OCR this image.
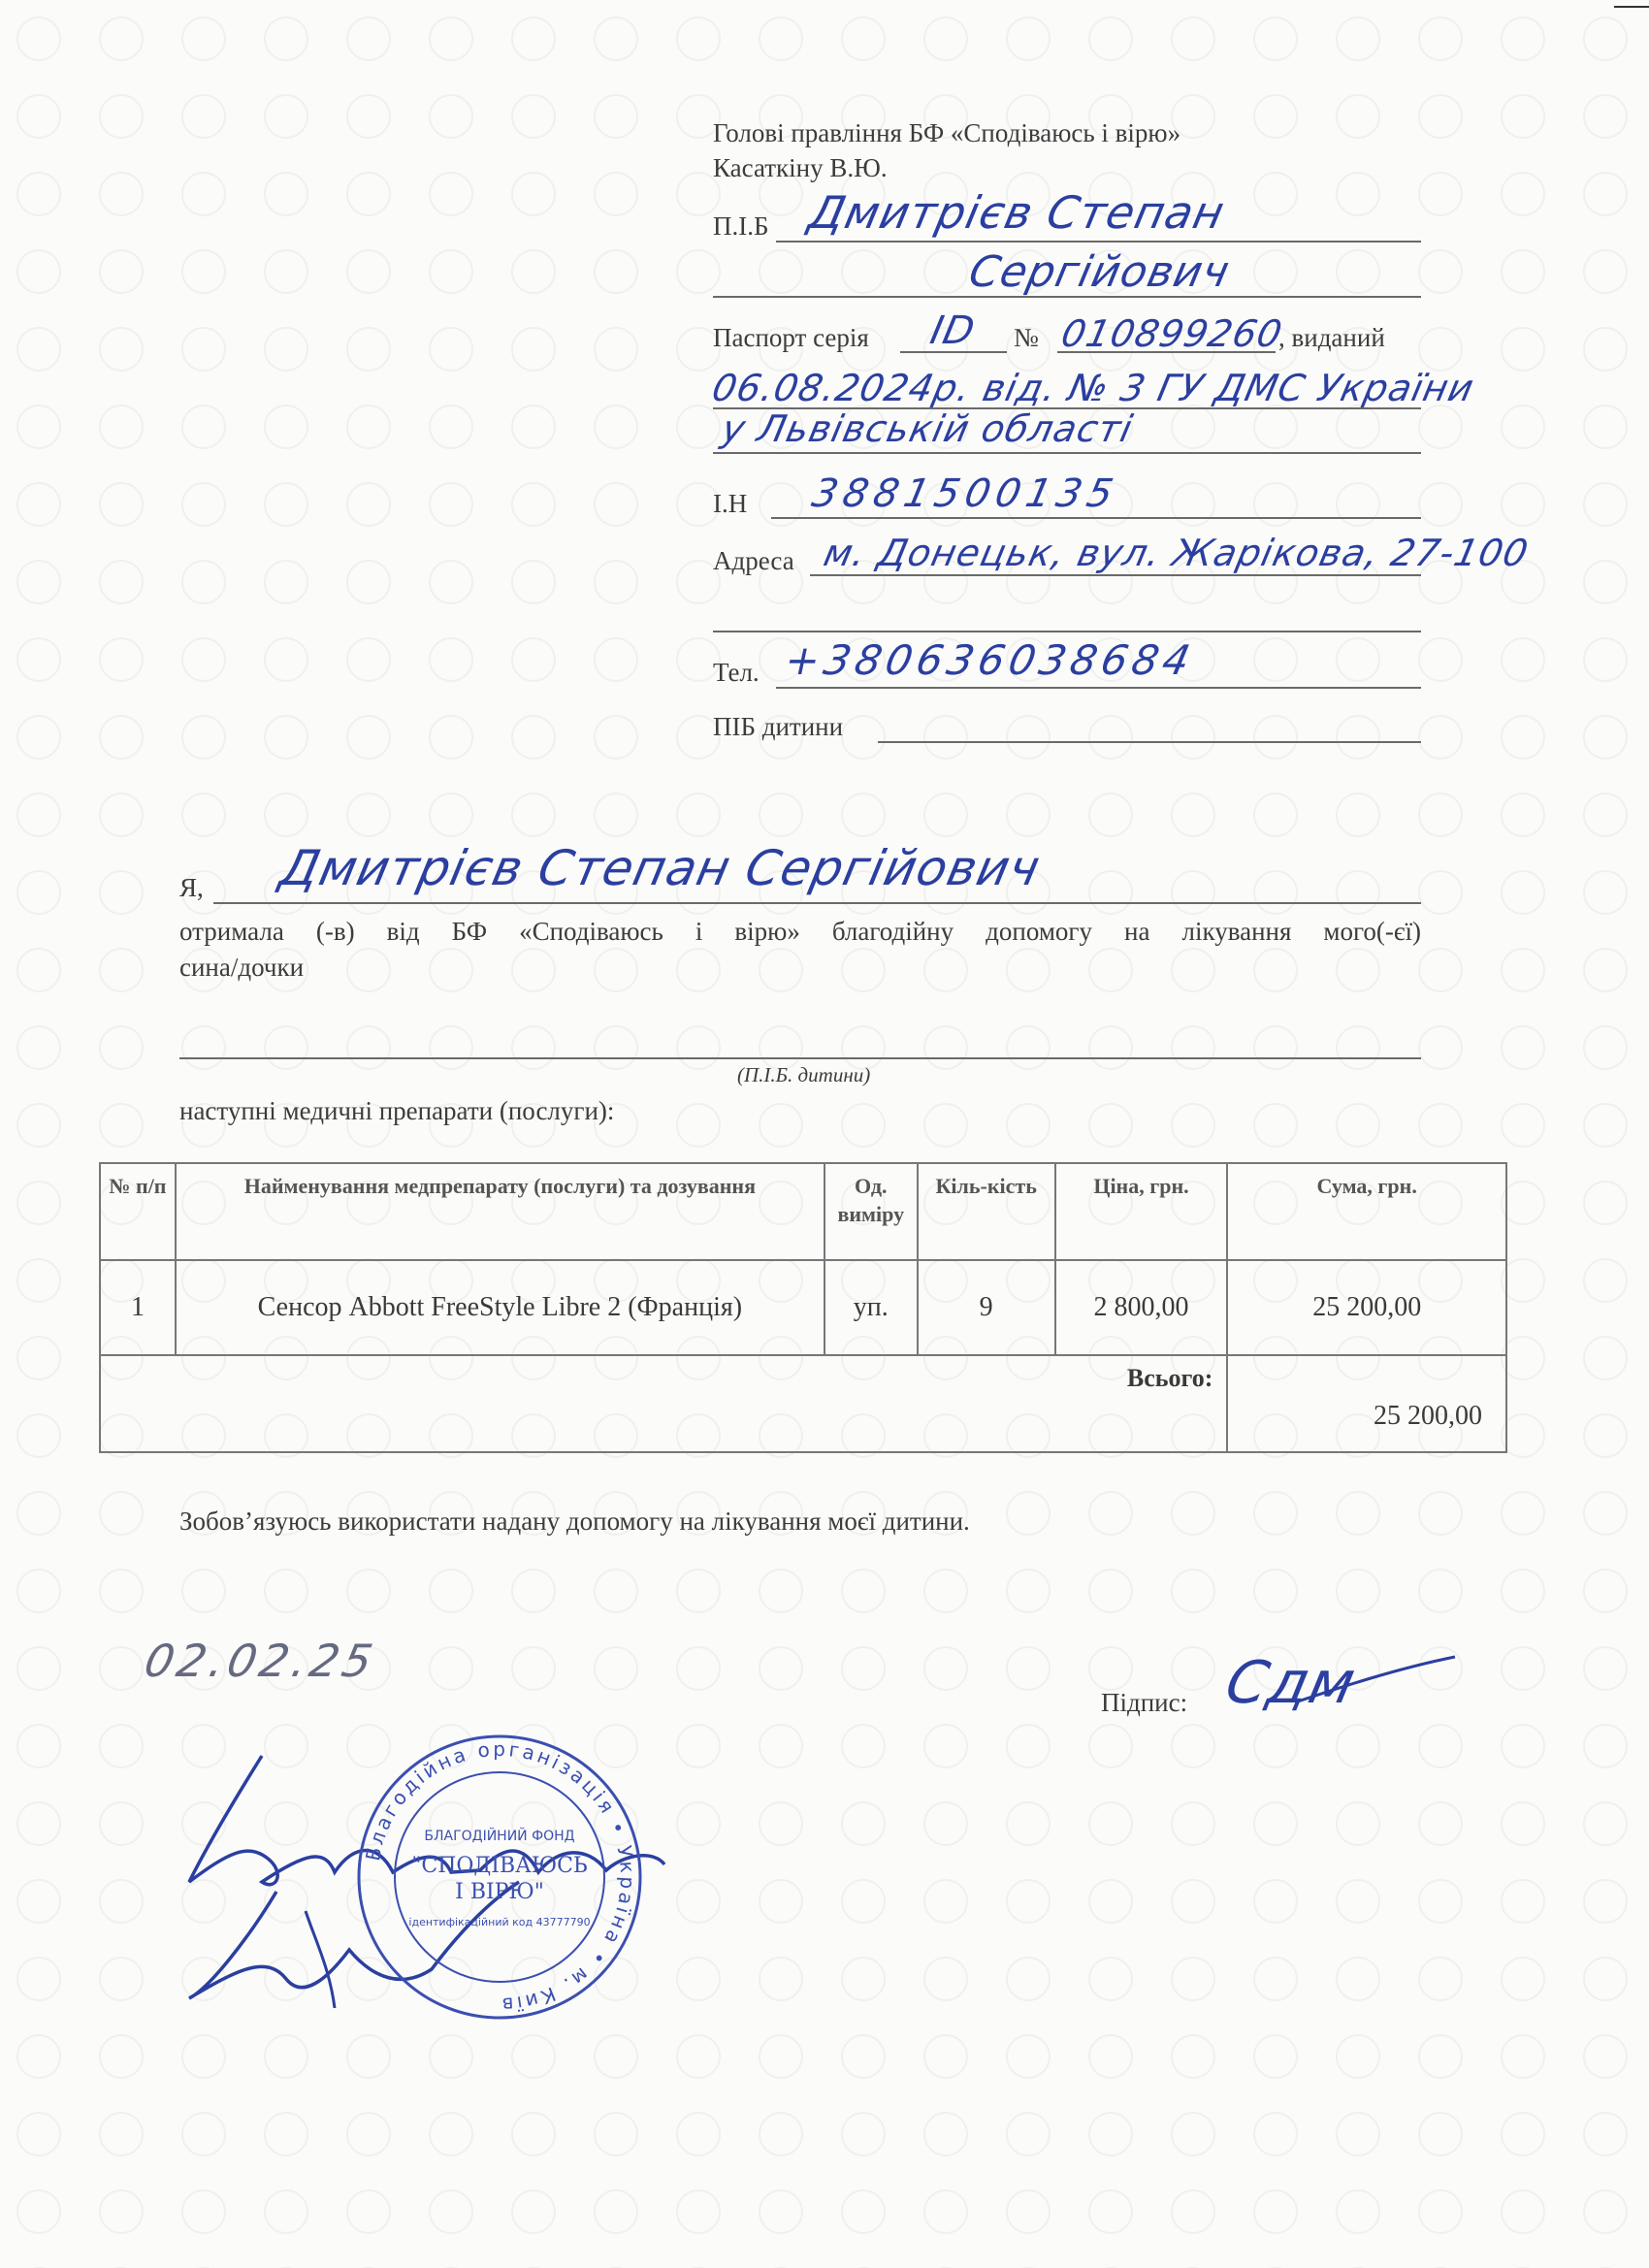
Голові правління БФ «Сподіваюсь і вірю»
Касаткіну В.Ю.
П.І.Б Дмитрієв Степан
Сергійович
Паспорт серія ID № 010899260
, виданий
06.08.2024р. від. № 3 ГУ ДМС України
у Львівській області
І.Н 3881500135
Адреса м. Донецьк, вул. Жарікова, 27-100
Тел. +380636038684
ПІБ дитини
Я, Дмитрієв Степан Сергійович
отримала (-в) від БФ «Сподіваюсь і вірю» благодійну допомогу на лікування мого(-єї)
сина/дочки
(П.І.Б. дитини)
наступні медичні препарати (послуги):
№ п/п	Найменування медпрепарату (послуги) та дозування	Од. виміру	Кіль-кість	Ціна, грн.	Сума, грн.
1	Сенсор Abbott FreeStyle Libre 2 (Франція)	уп.	9	2 800,00	25 200,00
Всього:					25 200,00
Зобов’язуюсь використати надану допомогу на лікування моєї дитини.
02.02.25
Підпис: Сдм
Благодійна організація • Україна • м. Київ
БЛАГОДІЙНИЙ ФОНД
"СПОДІВАЮСЬ
І ВІРЮ"
ідентифікаційний код 43777790
